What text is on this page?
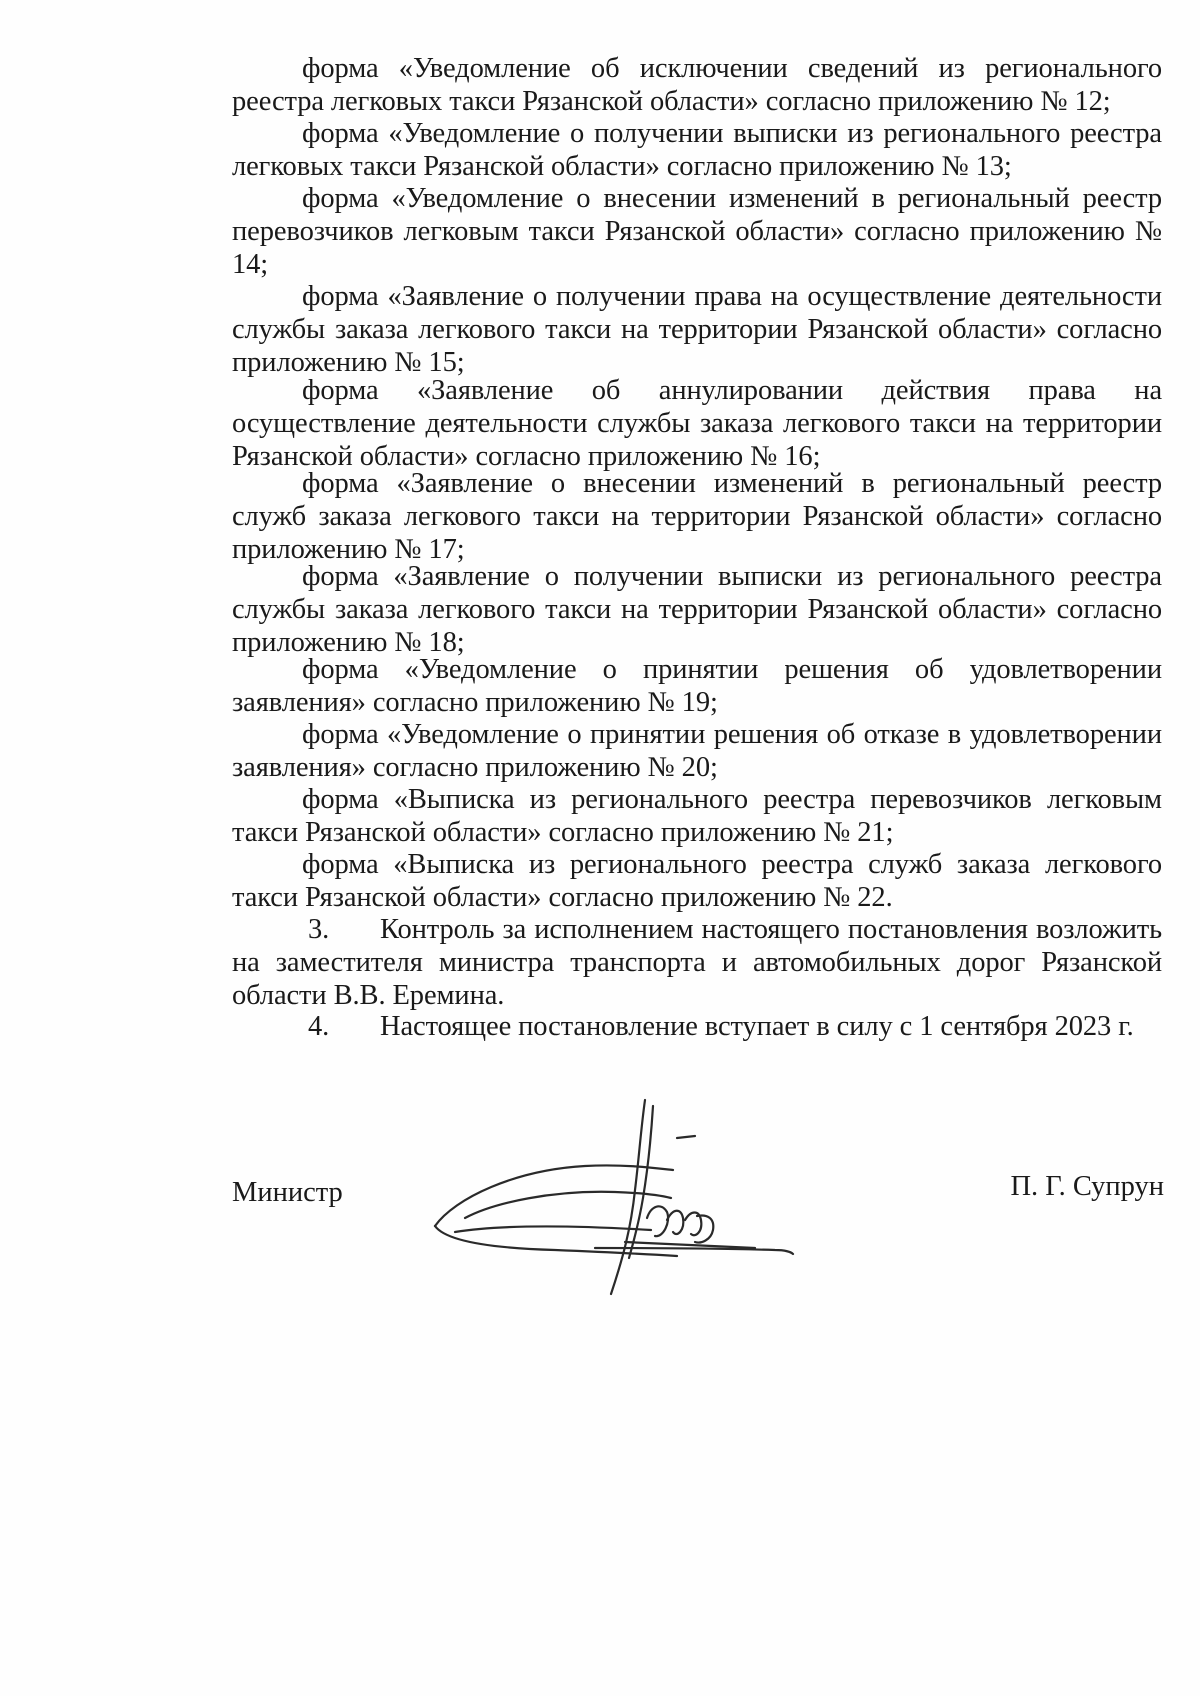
форма «Уведомление об исключении сведений из регионального реестра легковых такси Рязанской области» согласно приложению № 12;

форма «Уведомление о получении выписки из регионального реестра легковых такси Рязанской области» согласно приложению № 13;

форма «Уведомление о внесении изменений в региональный реестр перевозчиков легковым такси Рязанской области» согласно приложению № 14;

форма «Заявление о получении права на осуществление деятельности службы заказа легкового такси на территории Рязанской области» согласно приложению № 15;

форма «Заявление об аннулировании действия права на осуществление деятельности службы заказа легкового такси на территории Рязанской области» согласно приложению № 16;

форма «Заявление о внесении изменений в региональный реестр служб заказа легкового такси на территории Рязанской области» согласно приложению № 17;

форма «Заявление о получении выписки из регионального реестра службы заказа легкового такси на территории Рязанской области» согласно приложению № 18;

форма «Уведомление о принятии решения об удовлетворении заявления» согласно приложению № 19;

форма «Уведомление о принятии решения об отказе в удовлетворении заявления» согласно приложению № 20;

форма «Выписка из регионального реестра перевозчиков легковым такси Рязанской области» согласно приложению № 21;

форма «Выписка из регионального реестра служб заказа легкового такси Рязанской области» согласно приложению № 22.

3. Контроль за исполнением настоящего постановления возложить на заместителя министра транспорта и автомобильных дорог Рязанской области В.В. Еремина.

4. Настоящее постановление вступает в силу с 1 сентября 2023 г.

Министр	П. Г. Супрун
